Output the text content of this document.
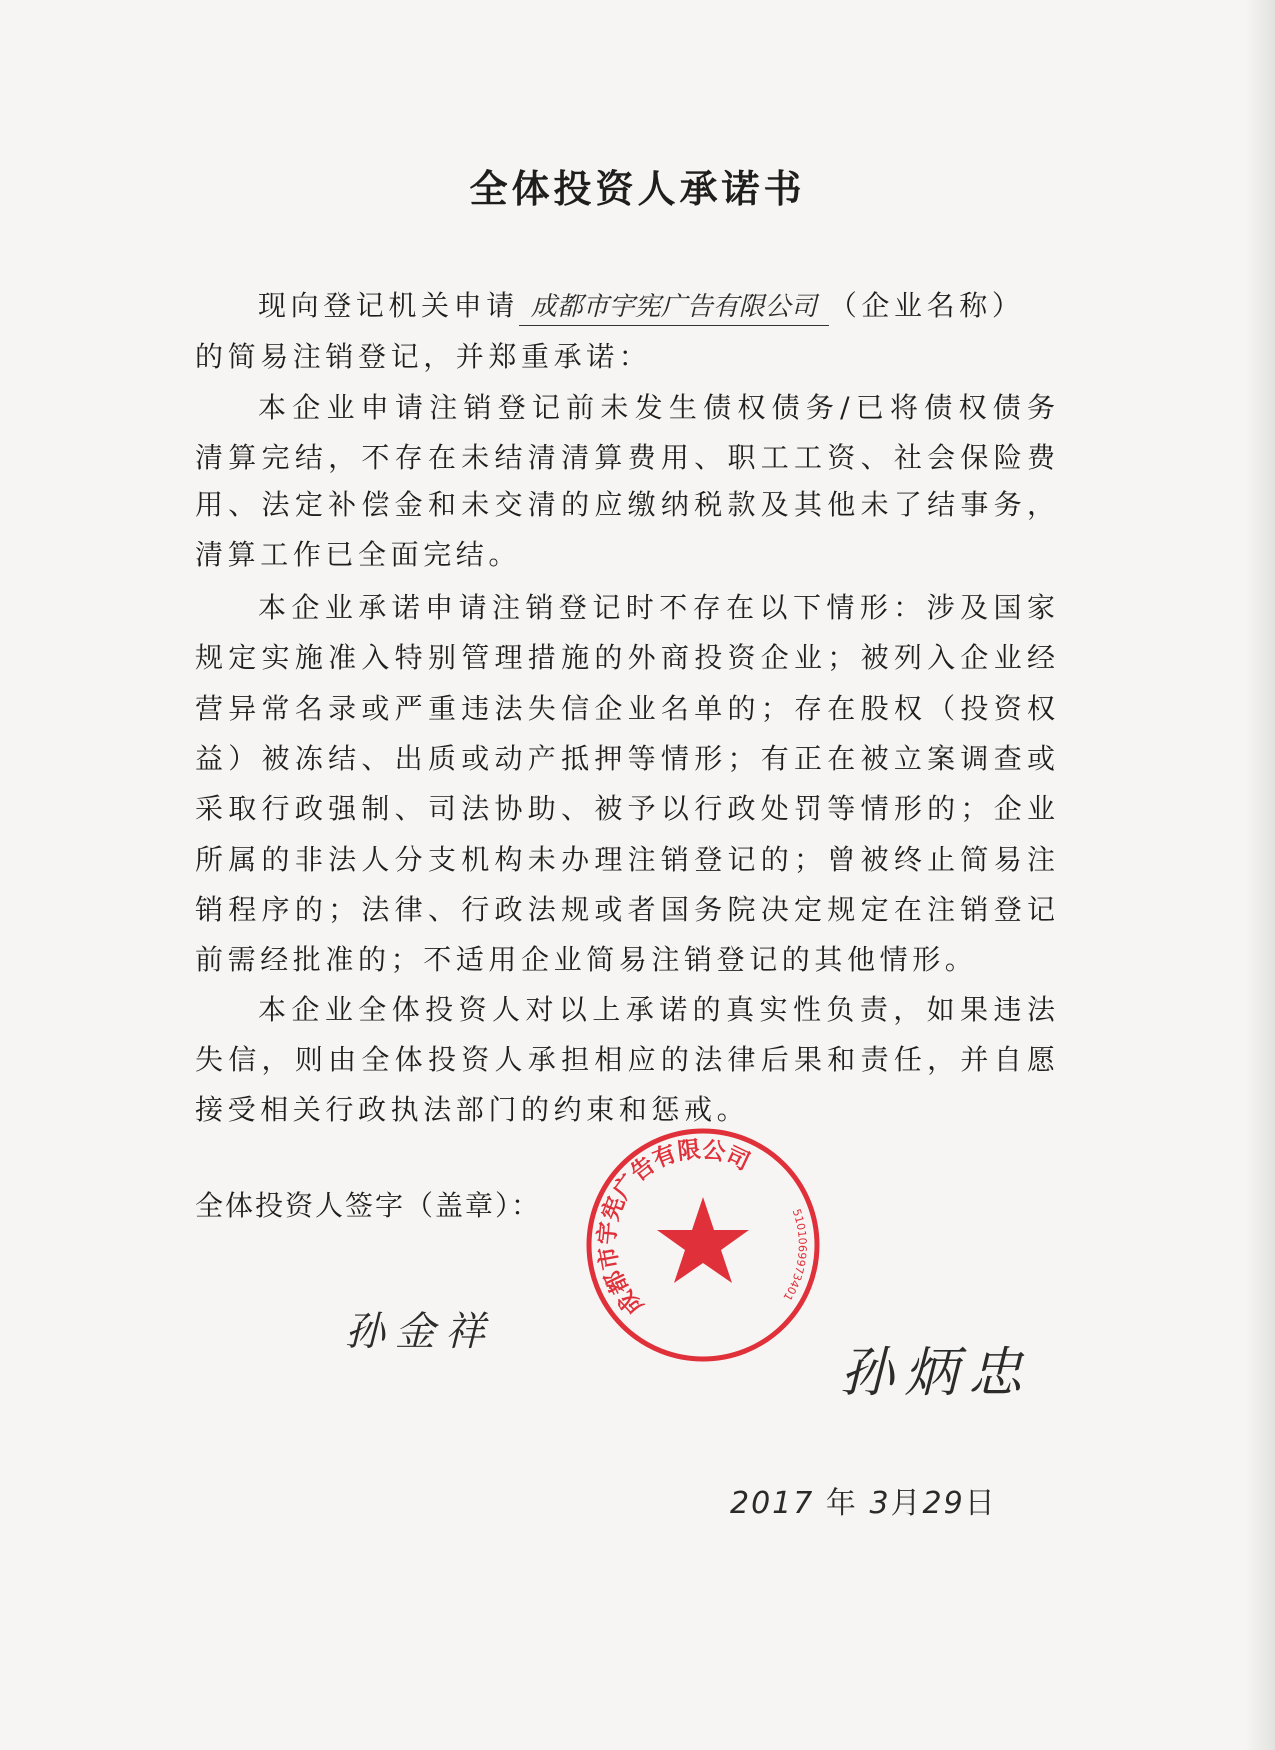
全体投资人承诺书
现向登记机关申请 成都市宇宪广告有限公司 （企业名称）
的简易注销登记，并郑重承诺：
本企业申请注销登记前未发生债权债务/已将债权债务
清算完结，不存在未结清清算费用、职工工资、社会保险费
用、法定补偿金和未交清的应缴纳税款及其他未了结事务，
清算工作已全面完结。
本企业承诺申请注销登记时不存在以下情形：涉及国家
规定实施准入特别管理措施的外商投资企业；被列入企业经
营异常名录或严重违法失信企业名单的；存在股权（投资权
益）被冻结、出质或动产抵押等情形；有正在被立案调查或
采取行政强制、司法协助、被予以行政处罚等情形的；企业
所属的非法人分支机构未办理注销登记的；曾被终止简易注
销程序的；法律、行政法规或者国务院决定规定在注销登记
前需经批准的；不适用企业简易注销登记的其他情形。
本企业全体投资人对以上承诺的真实性负责，如果违法
失信，则由全体投资人承担相应的法律后果和责任，并自愿
接受相关行政执法部门的约束和惩戒。
全体投资人签字（盖章）：
成都市宇宪广告有限公司
5101069973401
孙金祥
孙炳忠
2017 年 3月29日
